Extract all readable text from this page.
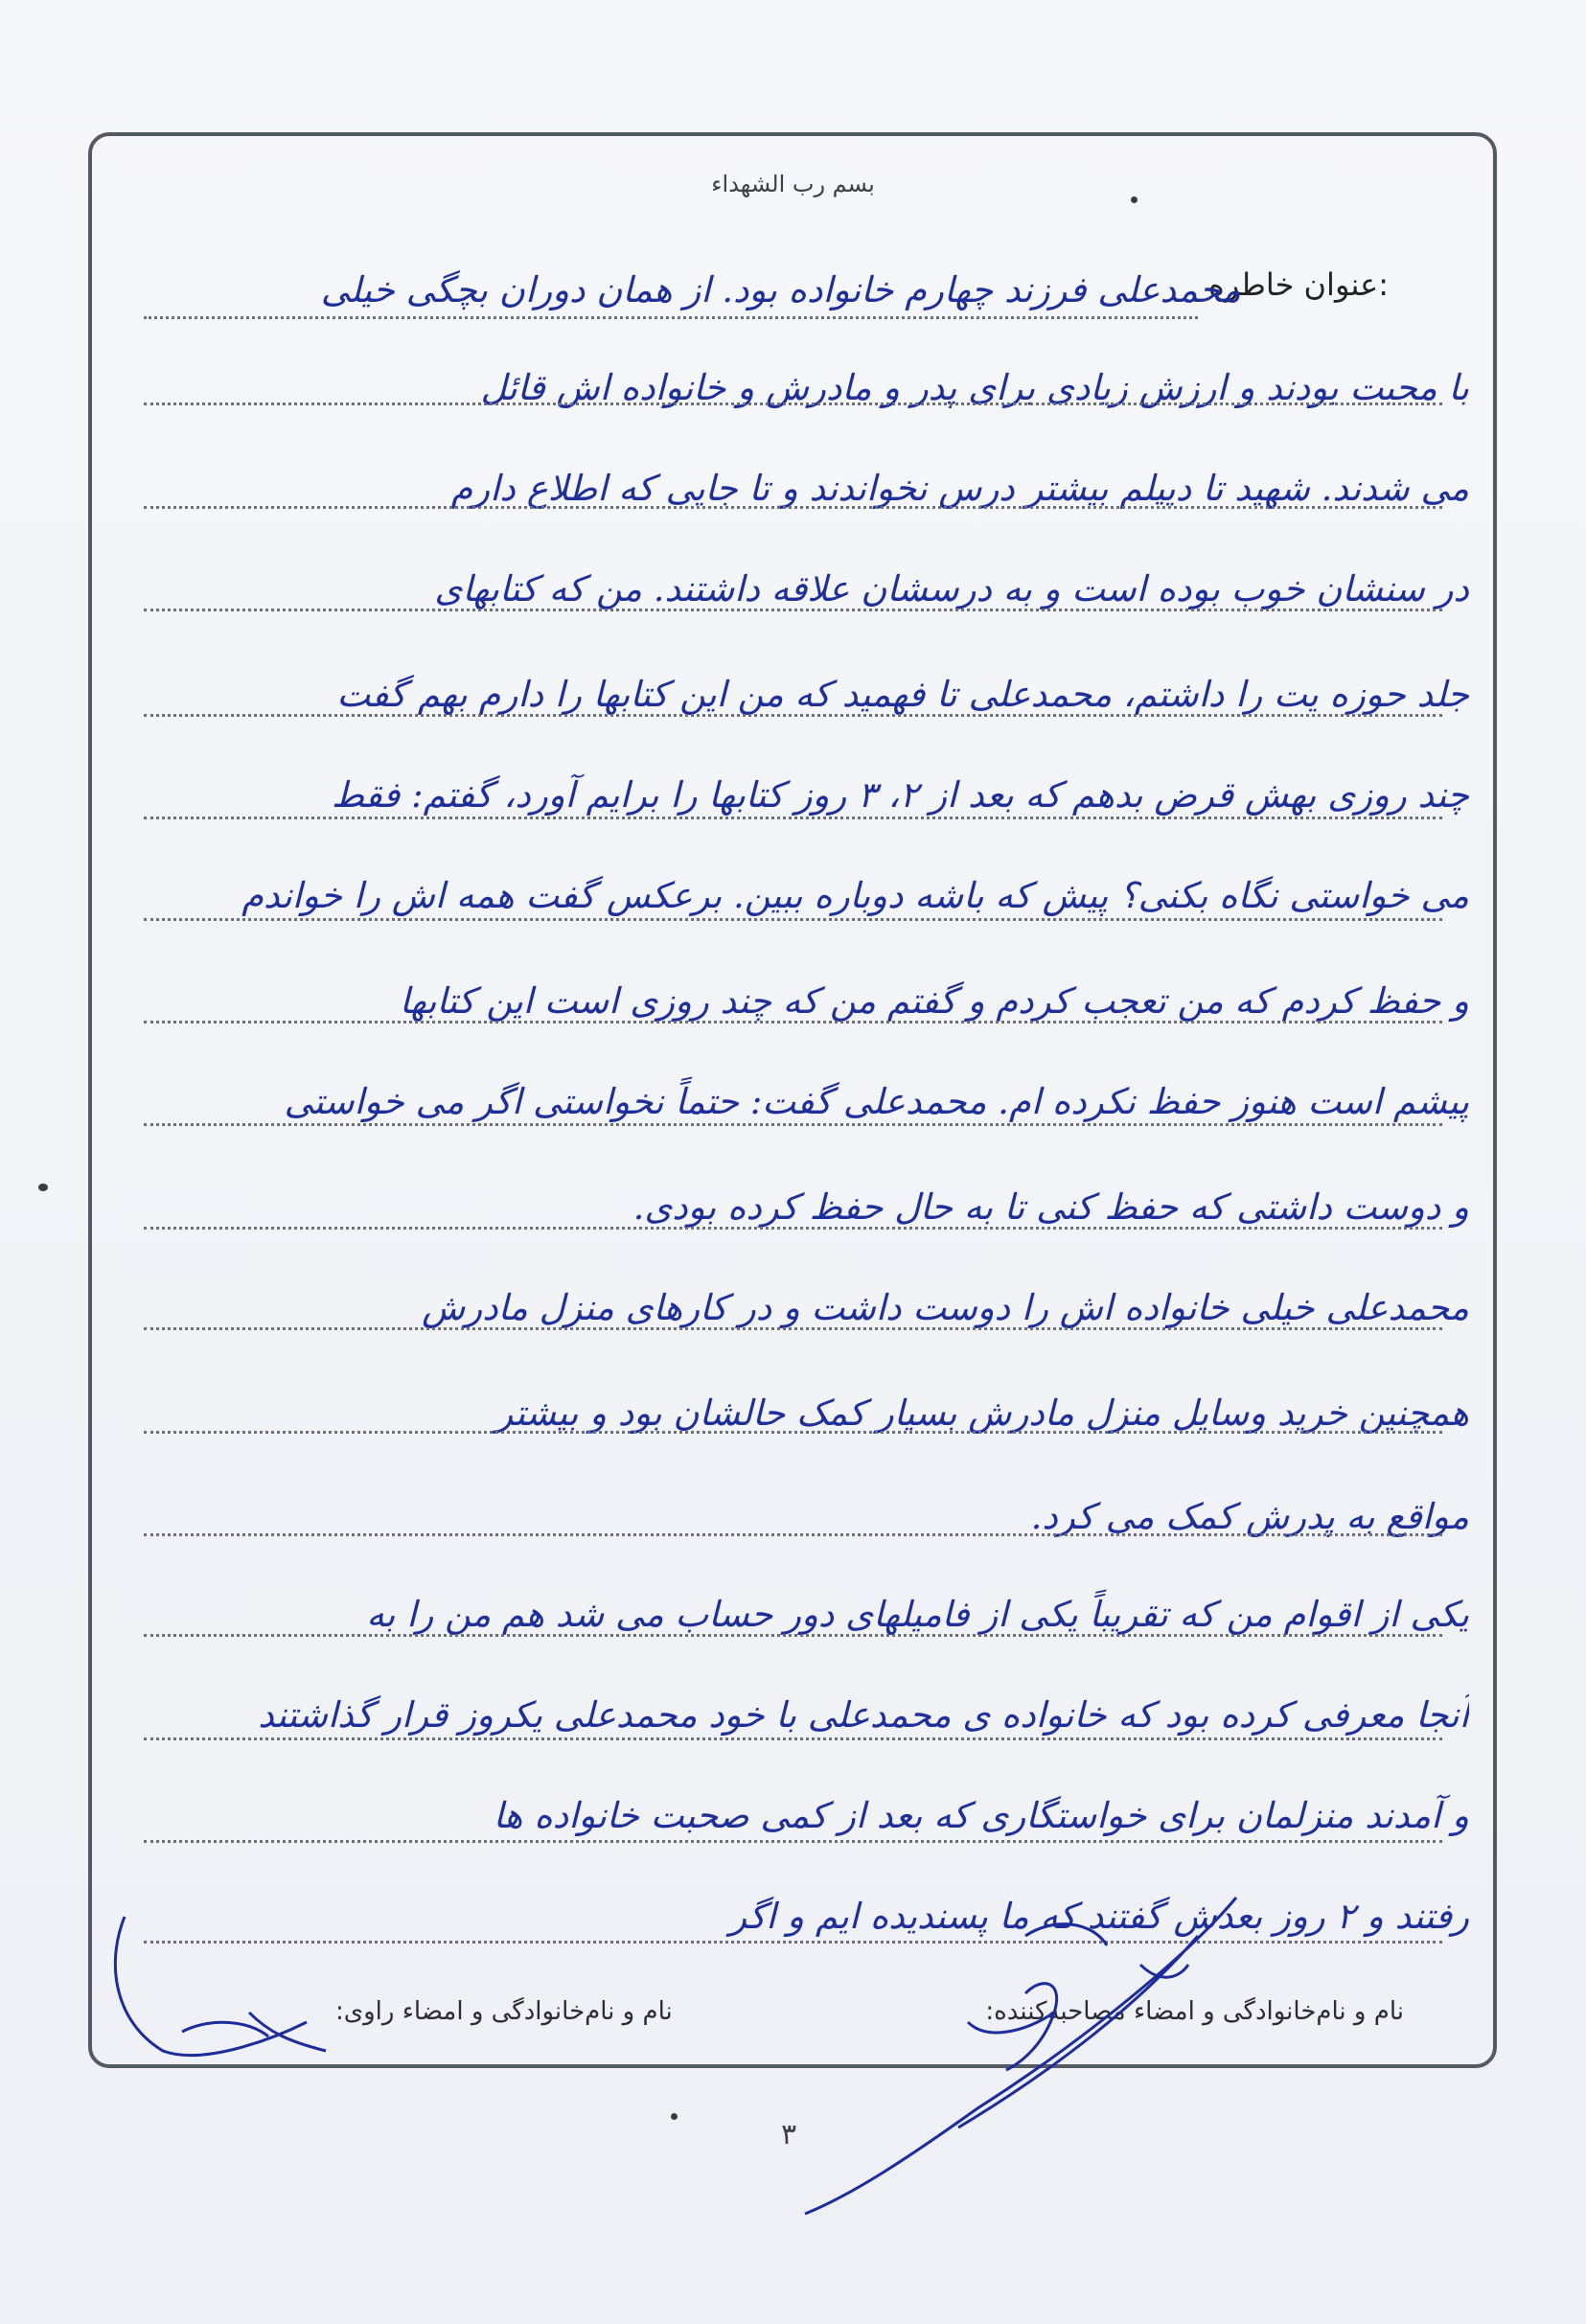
بسم رب الشهداء
عنوان خاطره:
محمدعلی فرزند چهارم خانواده بود. از همان دوران بچگی خیلی
با محبت بودند و ارزش زیادی برای پدر و مادرش و خانواده اش قائل
می شدند. شهید تا دیپلم بیشتر درس نخواندند و تا جایی که اطلاع دارم
در سنشان خوب بوده است و به درسشان علاقه داشتند. من که کتابهای
جلد حوزه یت را داشتم، محمدعلی تا فهمید که من این کتابها را دارم بهم گفت
چند روزی بهش قرض بدهم که بعد از ۲، ۳ روز کتابها را برایم آورد، گفتم: فقط
می خواستی نگاه بکنی؟ پیش که باشه دوباره ببین. برعکس گفت همه اش را خواندم
و حفظ کردم که من تعجب کردم و گفتم من که چند روزی است این کتابها
پیشم است هنوز حفظ نکرده ام. محمدعلی گفت: حتماً نخواستی اگر می خواستی
و دوست داشتی که حفظ کنی تا به حال حفظ کرده بودی.
محمدعلی خیلی خانواده اش را دوست داشت و در کارهای منزل مادرش
همچنین خرید وسایل منزل مادرش بسیار کمک حالشان بود و بیشتر
مواقع به پدرش کمک می کرد.
یکی از اقوام من که تقریباً یکی از فامیلهای دور حساب می شد هم من را به
آنجا معرفی کرده بود که خانواده ی محمدعلی با خود محمدعلی یکروز قرار گذاشتند
و آمدند منزلمان برای خواستگاری که بعد از کمی صحبت خانواده ها
رفتند و ۲ روز بعدش گفتند که ما پسندیده ایم و اگر
نام و نام‌خانوادگی و امضاء راوی:	نام و نام‌خانوادگی و امضاء مصاحبه‌کننده:
۳
